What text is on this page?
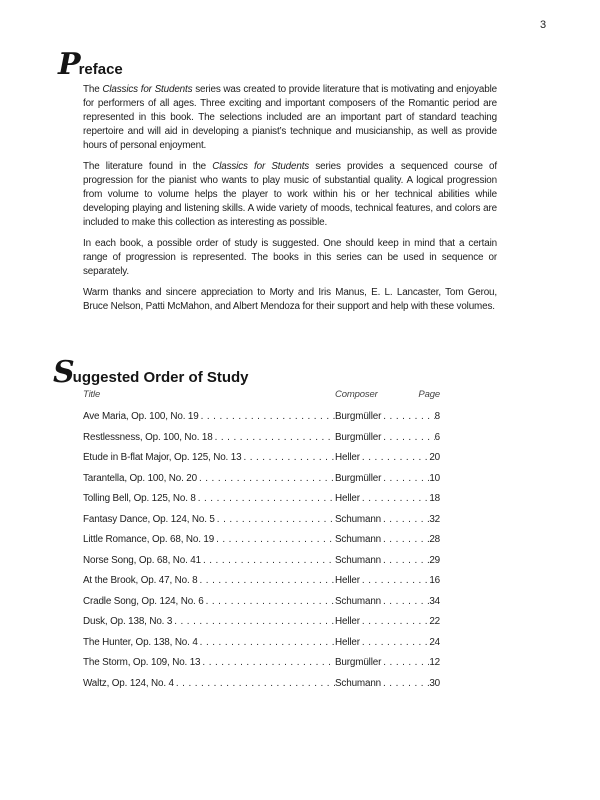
3
P reface

The Classics for Students series was created to provide literature that is motivating and enjoyable for performers of all ages. Three exciting and important composers of the Romantic period are represented in this book. The selections included are an important part of standard teaching repertoire and will aid in developing a pianist’s technique and musicianship, as well as provide hours of personal enjoyment.

The literature found in the Classics for Students series provides a sequenced course of progression for the pianist who wants to play music of substantial quality. A logical progression from volume to volume helps the player to work within his or her technical abilities while developing playing and listening skills. A wide variety of moods, technical features, and colors are included to make this collection as interesting as possible.

In each book, a possible order of study is suggested. One should keep in mind that a certain range of progression is represented. The books in this series can be used in sequence or separately.

Warm thanks and sincere appreciation to Morty and Iris Manus, E. L. Lancaster, Tom Gerou, Bruce Nelson, Patti McMahon, and Albert Mendoza for their support and help with these volumes.

S uggested Order of Study
Title	Composer	Page
Ave Maria, Op. 100, No. 19 . . .	Burgmüller . . .	8
Restlessness, Op. 100, No. 18 . . .	Burgmüller . . .	6
Étude in B-flat Major, Op. 125, No. 13 . . .	Heller . . .	20
Tarantella, Op. 100, No. 20 . . .	Burgmüller . . .	10
Tolling Bell, Op. 125, No. 8 . . .	Heller . . .	18
Fantasy Dance, Op. 124, No. 5 . . .	Schumann . . .	32
Little Romance, Op. 68, No. 19 . . .	Schumann . . .	28
Norse Song, Op. 68, No. 41 . . .	Schumann . . .	29
At the Brook, Op. 47, No. 8 . . .	Heller . . .	16
Cradle Song, Op. 124, No. 6 . . .	Schumann . . .	34
Dusk, Op. 138, No. 3 . . .	Heller . . .	22
The Hunter, Op. 138, No. 4 . . .	Heller . . .	24
The Storm, Op. 109, No. 13 . . .	Burgmüller . . .	12
Waltz, Op. 124, No. 4 . . .	Schumann . . .	30
